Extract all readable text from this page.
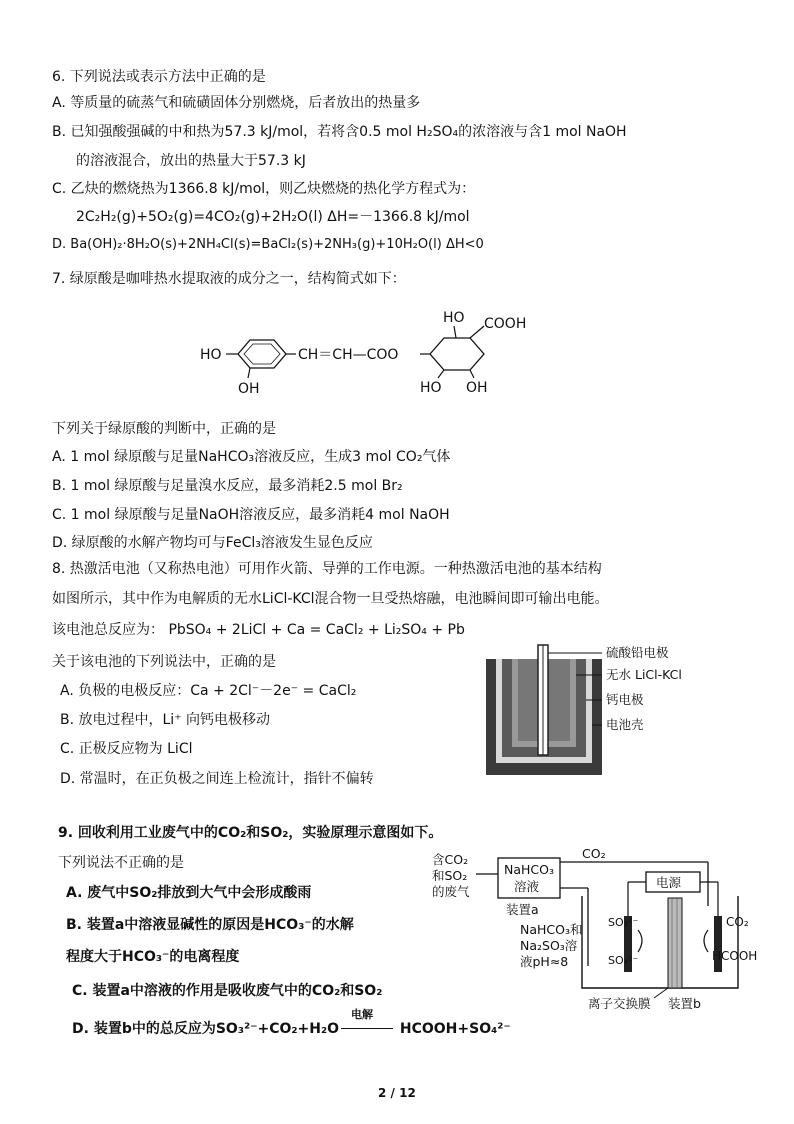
6. 下列说法或表示方法中正确的是
A. 等质量的硫蒸气和硫磺固体分别燃烧，后者放出的热量多
B. 已知强酸强碱的中和热为57.3 kJ/mol，若将含0.5 mol H₂SO₄的浓溶液与含1 mol NaOH
的溶液混合，放出的热量大于57.3 kJ
C. 乙炔的燃烧热为1366.8 kJ/mol，则乙炔燃烧的热化学方程式为：
2C₂H₂(g)+5O₂(g)=4CO₂(g)+2H₂O(l) ΔH=－1366.8 kJ/mol
D. Ba(OH)₂·8H₂O(s)+2NH₄Cl(s)=BaCl₂(s)+2NH₃(g)+10H₂O(l) ΔH<0
7. 绿原酸是咖啡热水提取液的成分之一，结构简式如下：
HO
OH
CH＝CH—COO
HO COOH
HO OH
下列关于绿原酸的判断中，正确的是
A. 1 mol 绿原酸与足量NaHCO₃溶液反应，生成3 mol CO₂气体
B. 1 mol 绿原酸与足量溴水反应，最多消耗2.5 mol Br₂
C. 1 mol 绿原酸与足量NaOH溶液反应，最多消耗4 mol NaOH
D. 绿原酸的水解产物均可与FeCl₃溶液发生显色反应
8. 热激活电池（又称热电池）可用作火箭、导弹的工作电源。一种热激活电池的基本结构
如图所示，其中作为电解质的无水LiCl-KCl混合物一旦受热熔融，电池瞬间即可输出电能。
该电池总反应为： PbSO₄ + 2LiCl + Ca = CaCl₂ + Li₂SO₄ + Pb
关于该电池的下列说法中，正确的是
A. 负极的电极反应：Ca + 2Cl⁻－2e⁻ = CaCl₂
B. 放电过程中，Li⁺ 向钙电极移动
C. 正极反应物为 LiCl
D. 常温时，在正负极之间连上检流计，指针不偏转
硫酸铅电极
无水 LiCl-KCl
钙电极
电池壳
9. 回收利用工业废气中的CO₂和SO₂，实验原理示意图如下。
下列说法不正确的是
A. 废气中SO₂排放到大气中会形成酸雨
B. 装置a中溶液显碱性的原因是HCO₃⁻的水解
程度大于HCO₃⁻的电离程度
C. 装置a中溶液的作用是吸收废气中的CO₂和SO₂
D. 装置b中的总反应为SO₃²⁻+CO₂+H₂O
电解
HCOOH+SO₄²⁻
含CO₂
和SO₂
的废气
NaHCO₃
溶液
装置a
CO₂
电源
SO₃²⁻
SO₄²⁻
CO₂
HCOOH
NaHCO₃和
Na₂SO₃溶
液pH≈8
离子交换膜 装置b
2 / 12
